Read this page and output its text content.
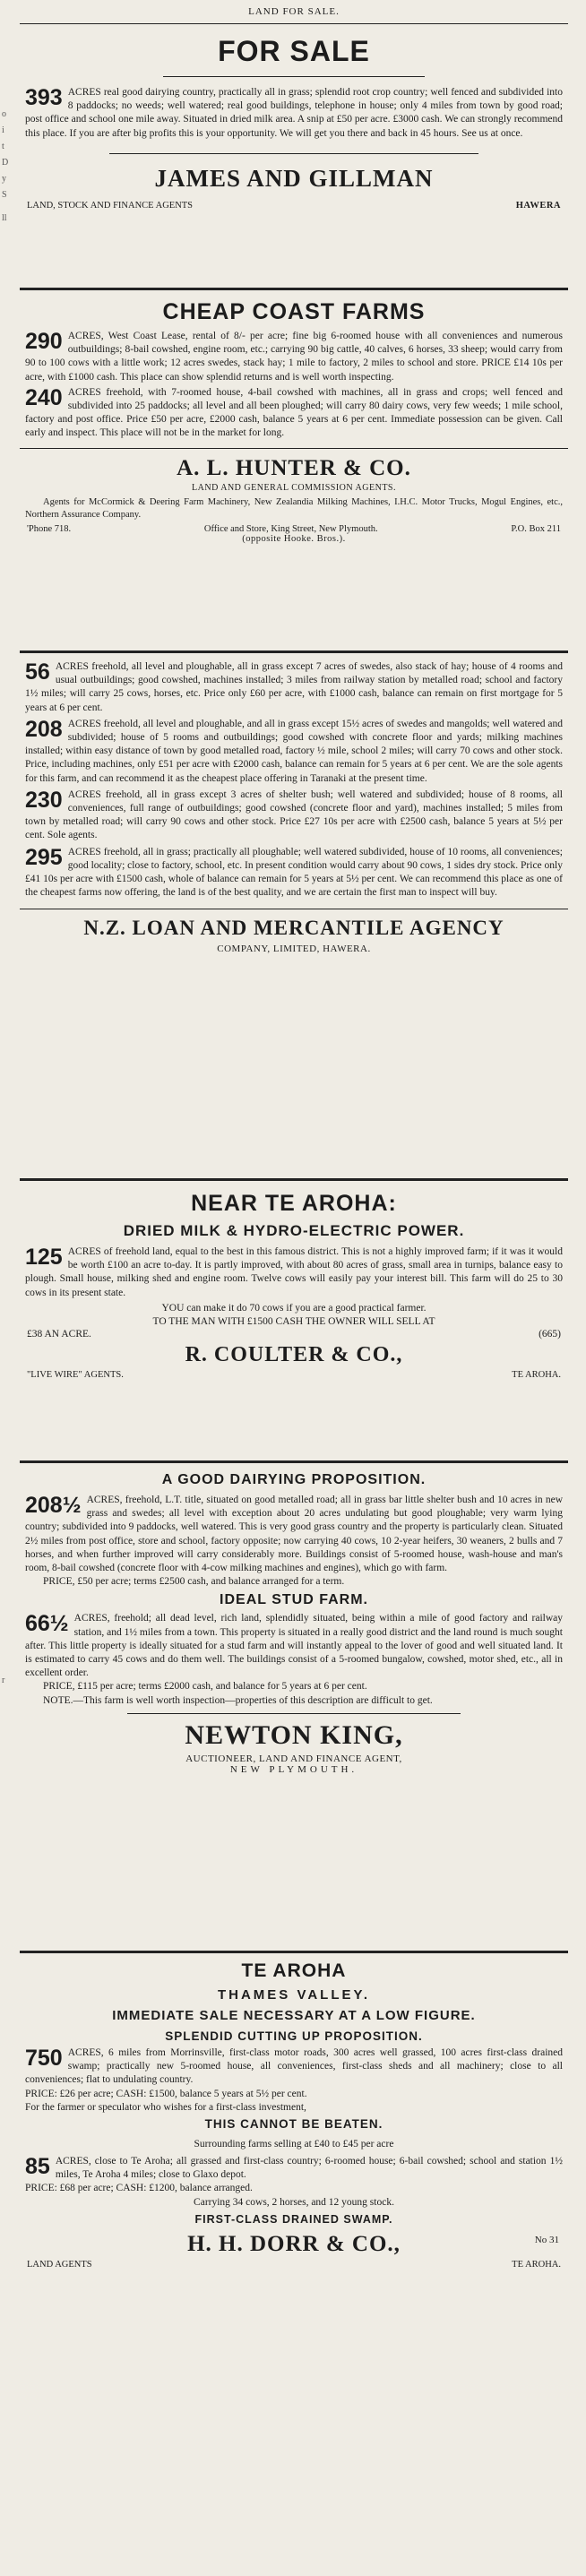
o
i
t
D
y
S
ll
r
LAND FOR SALE.
FOR SALE
393 ACRES real good dairying country, practically all in grass; splendid root crop country; well fenced and subdivided into 8 paddocks; no weeds; well watered; real good buildings, telephone in house; only 4 miles from town by good road; post office and school one mile away. Situated in dried milk area. A snip at £50 per acre. £3000 cash. We can strongly recommend this place. If you are after big profits this is your opportunity. We will get you there and back in 45 hours. See us at once.
JAMES AND GILLMAN
LAND, STOCK AND FINANCE AGENTS	HAWERA
CHEAP COAST FARMS
290 ACRES, West Coast Lease, rental of 8/- per acre; fine big 6-roomed house with all conveniences and numerous outbuildings; 8-bail cowshed, engine room, etc.; carrying 90 big cattle, 40 calves, 6 horses, 33 sheep; would carry from 90 to 100 cows with a little work; 12 acres swedes, stack hay; 1 mile to factory, 2 miles to school and store. PRICE £14 10s per acre, with £1000 cash. This place can show splendid returns and is well worth inspecting.
240 ACRES freehold, with 7-roomed house, 4-bail cowshed with machines, all in grass and crops; well fenced and subdivided into 25 paddocks; all level and all been ploughed; will carry 80 dairy cows, very few weeds; 1 mile school, factory and post office. Price £50 per acre, £2000 cash, balance 5 years at 6 per cent. Immediate possession can be given. Call early and inspect. This place will not be in the market for long.
A. L. HUNTER & CO.
LAND AND GENERAL COMMISSION AGENTS.
Agents for McCormick & Deering Farm Machinery, New Zealandia Milking Machines, I.H.C. Motor Trucks, Mogul Engines, etc., Northern Assurance Company.
'Phone 718.	Office and Store, King Street, New Plymouth.	P.O. Box 211
(opposite Hooke. Bros.).
56 ACRES freehold, all level and ploughable, all in grass except 7 acres of swedes, also stack of hay; house of 4 rooms and usual outbuildings; good cowshed, machines installed; 3 miles from railway station by metalled road; school and factory 1½ miles; will carry 25 cows, horses, etc. Price only £60 per acre, with £1000 cash, balance can remain on first mortgage for 5 years at 6 per cent.
208 ACRES freehold, all level and ploughable, and all in grass except 15½ acres of swedes and mangolds; well watered and subdivided; house of 5 rooms and outbuildings; good cowshed with concrete floor and yards; milking machines installed; within easy distance of town by good metalled road, factory ½ mile, school 2 miles; will carry 70 cows and other stock. Price, including machines, only £51 per acre with £2000 cash, balance can remain for 5 years at 6 per cent. We are the sole agents for this farm, and can recommend it as the cheapest place offering in Taranaki at the present time.
230 ACRES freehold, all in grass except 3 acres of shelter bush; well watered and subdivided; house of 8 rooms, all conveniences, full range of outbuildings; good cowshed (concrete floor and yard), machines installed; 5 miles from town by metalled road; will carry 90 cows and other stock. Price £27 10s per acre with £2500 cash, balance 5 years at 5½ per cent. Sole agents.
295 ACRES freehold, all in grass; practically all ploughable; well watered subdivided, house of 10 rooms, all conveniences; good locality; close to factory, school, etc. In present condition would carry about 90 cows, 1 sides dry stock. Price only £41 10s per acre with £1500 cash, whole of balance can remain for 5 years at 5½ per cent. We can recommend this place as one of the cheapest farms now offering, the land is of the best quality, and we are certain the first man to inspect will buy.
N.Z. LOAN AND MERCANTILE AGENCY
COMPANY, LIMITED, HAWERA.
NEAR TE AROHA:
DRIED MILK & HYDRO-ELECTRIC POWER.
125 ACRES of freehold land, equal to the best in this famous district. This is not a highly improved farm; if it was it would be worth £100 an acre to-day. It is partly improved, with about 80 acres of grass, small area in turnips, balance easy to plough. Small house, milking shed and engine room. Twelve cows will easily pay your interest bill. This farm will do 25 to 30 cows in its present state.
YOU can make it do 70 cows if you are a good practical farmer.
TO THE MAN WITH £1500 CASH THE OWNER WILL SELL AT
£38 AN ACRE.	(665)
R. COULTER & CO.,
"LIVE WIRE" AGENTS.	TE AROHA.
A GOOD DAIRYING PROPOSITION.
208½ ACRES, freehold, L.T. title, situated on good metalled road; all in grass bar little shelter bush and 10 acres in new grass and swedes; all level with exception about 20 acres undulating but good ploughable; very warm lying country; subdivided into 9 paddocks, well watered. This is very good grass country and the property is particularly clean. Situated 2½ miles from post office, store and school, factory opposite; now carrying 40 cows, 10 2-year heifers, 30 weaners, 2 bulls and 7 horses, and when further improved will carry considerably more. Buildings consist of 5-roomed house, wash-house and man's room, 8-bail cowshed (concrete floor with 4-cow milking machines and engines), which go with farm.
PRICE, £50 per acre; terms £2500 cash, and balance arranged for a term.
IDEAL STUD FARM.
66½ ACRES, freehold; all dead level, rich land, splendidly situated, being within a mile of good factory and railway station, and 1½ miles from a town. This property is situated in a really good district and the land round is much sought after. This little property is ideally situated for a stud farm and will instantly appeal to the lover of good and well situated land. It is estimated to carry 45 cows and do them well. The buildings consist of a 5-roomed bungalow, cowshed, motor shed, etc., all in excellent order.
PRICE, £115 per acre; terms £2000 cash, and balance for 5 years at 6 per cent.
NOTE.—This farm is well worth inspection—properties of this description are difficult to get.
NEWTON KING,
AUCTIONEER, LAND AND FINANCE AGENT,
NEW PLYMOUTH.
TE AROHA
THAMES VALLEY.
IMMEDIATE SALE NECESSARY AT A LOW FIGURE.
SPLENDID CUTTING UP PROPOSITION.
750 ACRES, 6 miles from Morrinsville, first-class motor roads, 300 acres well grassed, 100 acres first-class drained swamp; practically new 5-roomed house, all conveniences, first-class sheds and all machinery; close to all conveniences; flat to undulating country.
PRICE: £26 per acre; CASH: £1500, balance 5 years at 5½ per cent.
For the farmer or speculator who wishes for a first-class investment,
THIS CANNOT BE BEATEN.
Surrounding farms selling at £40 to £45 per acre
85 ACRES, close to Te Aroha; all grassed and first-class country; 6-roomed house; 6-bail cowshed; school and station 1½ miles, Te Aroha 4 miles; close to Glaxo depot.
PRICE: £68 per acre; CASH: £1200, balance arranged.
Carrying 34 cows, 2 horses, and 12 young stock.
FIRST-CLASS DRAINED SWAMP.
H. H. DORR & CO.,	No 31
LAND AGENTS	TE AROHA.
